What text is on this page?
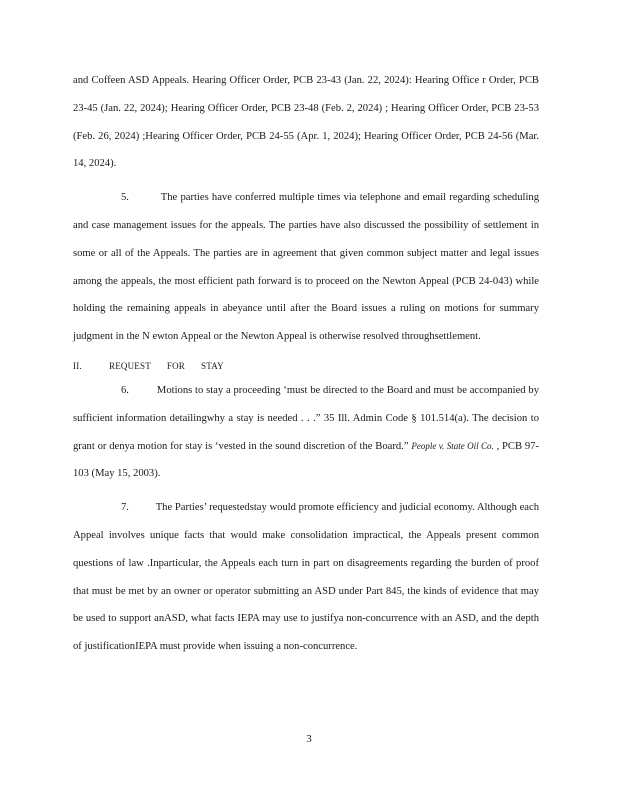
and Coffeen ASD Appeals. Hearing Officer Order, PCB 23-43 (Jan. 22, 2024): Hearing Office r Order, PCB 23-45 (Jan. 22, 2024); Hearing Officer Order, PCB 23-48 (Feb. 2, 2024) ; Hearing Officer Order, PCB 23-53 (Feb. 26, 2024) ;Hearing Officer Order, PCB 24-55 (Apr. 1, 2024); Hearing Officer Order, PCB 24-56 (Mar. 14, 2024).

5.          The parties have conferred multiple times via telephone and email regarding scheduling and case management issues for the appeals. The parties have also discussed the possibility of settlement in some or all of the Appeals. The parties are in agreement that given common subject matter and legal issues among the appeals, the most efficient path forward is to proceed on the Newton Appeal (PCB 24-043) while holding the remaining appeals in abeyance until after the Board issues a ruling on motions for summary judgment in the N ewton Appeal or the Newton Appeal is otherwise resolved throughsettlement.

II.	REQUEST FOR STAY

6.          Motions to stay a proceeding ‘must be directed to the Board and must be accompanied by sufficient information detailingwhy a stay is needed . . .” 35 Ill. Admin Code § 101.514(a). The decision to grant or denya motion for stay is ‘vested in the sound discretion of the Board.” People v. State Oil Co. , PCB 97-103 (May 15, 2003).

7.          The Parties’ requestedstay would promote efficiency and judicial economy. Although each Appeal involves unique facts that would make consolidation impractical, the Appeals present common questions of law .Inparticular, the Appeals each turn in part on disagreements regarding the burden of proof that must be met by an owner or operator submitting an ASD under Part 845, the kinds of evidence that may be used to support anASD, what facts IEPA may use to justifya non-concurrence with an ASD, and the depth of justificationIEPA must provide when issuing a non-concurrence.

3
